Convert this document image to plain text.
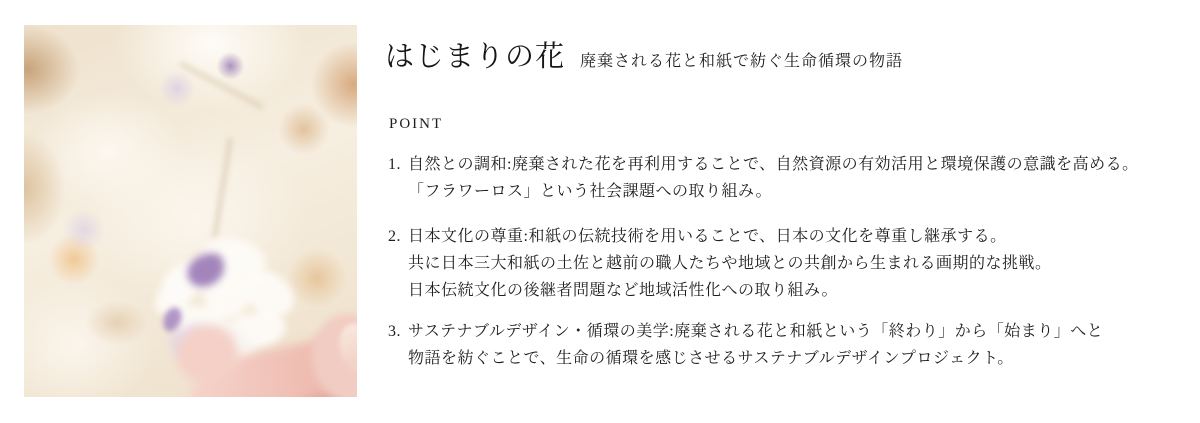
はじまりの花 廃棄される花と和紙で紡ぐ生命循環の物語

POINT
1. 自然との調和:廃棄された花を再利用することで、自然資源の有効活用と環境保護の意識を高める。
「フラワーロス」という社会課題への取り組み。
2. 日本文化の尊重:和紙の伝統技術を用いることで、日本の文化を尊重し継承する。
共に日本三大和紙の土佐と越前の職人たちや地域との共創から生まれる画期的な挑戦。
日本伝統文化の後継者問題など地域活性化への取り組み。
3. サステナブルデザイン・循環の美学:廃棄される花と和紙という「終わり」から「始まり」へと
物語を紡ぐことで、生命の循環を感じさせるサステナブルデザインプロジェクト。
